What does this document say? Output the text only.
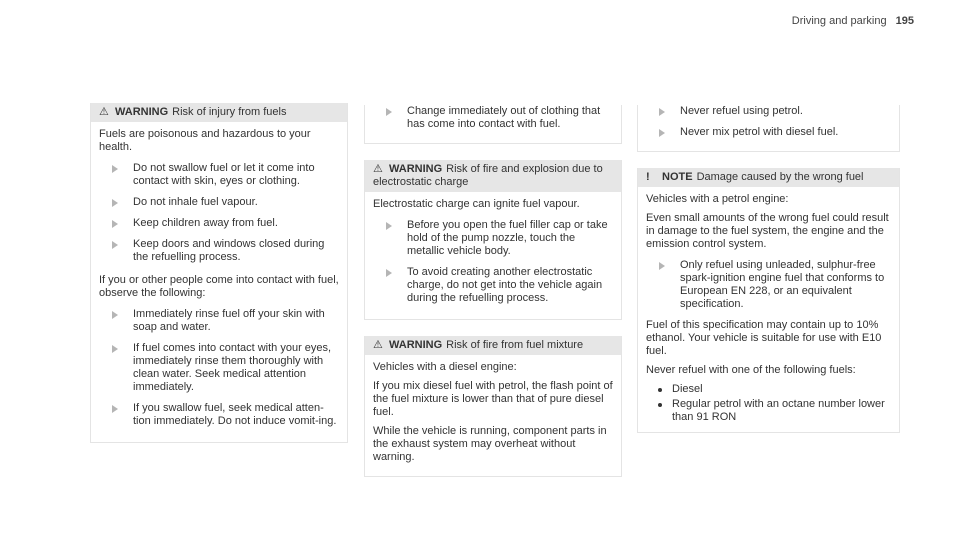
Driving and parking 195
⚠ WARNING Risk of injury from fuels

Fuels are poisonous and hazardous to your health.

Do not swallow fuel or let it come into contact with skin, eyes or clothing.
Do not inhale fuel vapour.
Keep children away from fuel.
Keep doors and windows closed during the refuelling process.

If you or other people come into contact with fuel, observe the following:

Immediately rinse fuel off your skin with soap and water.
If fuel comes into contact with your eyes, immediately rinse them thoroughly with clean water. Seek medical attention immediately.
If you swallow fuel, seek medical atten-tion immediately. Do not induce vomit-ing.
Change immediately out of clothing that has come into contact with fuel.
⚠ WARNING Risk of fire and explosion due to electrostatic charge

Electrostatic charge can ignite fuel vapour.

Before you open the fuel filler cap or take hold of the pump nozzle, touch the metallic vehicle body.
To avoid creating another electrostatic charge, do not get into the vehicle again during the refuelling process.
⚠ WARNING Risk of fire from fuel mixture

Vehicles with a diesel engine:

If you mix diesel fuel with petrol, the flash point of the fuel mixture is lower than that of pure diesel fuel.

While the vehicle is running, component parts in the exhaust system may overheat without warning.

Never refuel using petrol.
Never mix petrol with diesel fuel.
! NOTE Damage caused by the wrong fuel

Vehicles with a petrol engine:

Even small amounts of the wrong fuel could result in damage to the fuel system, the engine and the emission control system.

Only refuel using unleaded, sulphur-free spark-ignition engine fuel that conforms to European EN 228, or an equivalent specification.

Fuel of this specification may contain up to 10% ethanol. Your vehicle is suitable for use with E10 fuel.

Never refuel with one of the following fuels:

Diesel
Regular petrol with an octane number lower than 91 RON
